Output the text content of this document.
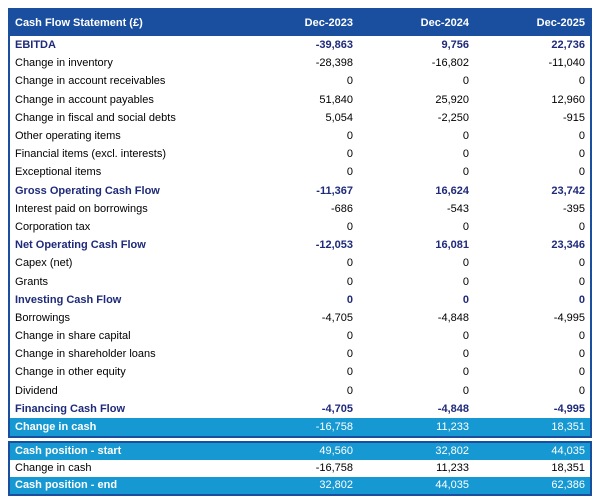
Cash Flow Statement (£)	Dec-2023	Dec-2024	Dec-2025
EBITDA	-39,863	9,756	22,736
Change in inventory	-28,398	-16,802	-11,040
Change in account receivables	0	0	0
Change in account payables	51,840	25,920	12,960
Change in fiscal and social debts	5,054	-2,250	-915
Other operating items	0	0	0
Financial items (excl. interests)	0	0	0
Exceptional items	0	0	0
Gross Operating Cash Flow	-11,367	16,624	23,742
Interest paid on borrowings	-686	-543	-395
Corporation tax	0	0	0
Net Operating Cash Flow	-12,053	16,081	23,346
Capex (net)	0	0	0
Grants	0	0	0
Investing Cash Flow	0	0	0
Borrowings	-4,705	-4,848	-4,995
Change in share capital	0	0	0
Change in shareholder loans	0	0	0
Change in other equity	0	0	0
Dividend	0	0	0
Financing Cash Flow	-4,705	-4,848	-4,995
Change in cash	-16,758	11,233	18,351
Cash position - start	49,560	32,802	44,035
Change in cash	-16,758	11,233	18,351
Cash position - end	32,802	44,035	62,386
